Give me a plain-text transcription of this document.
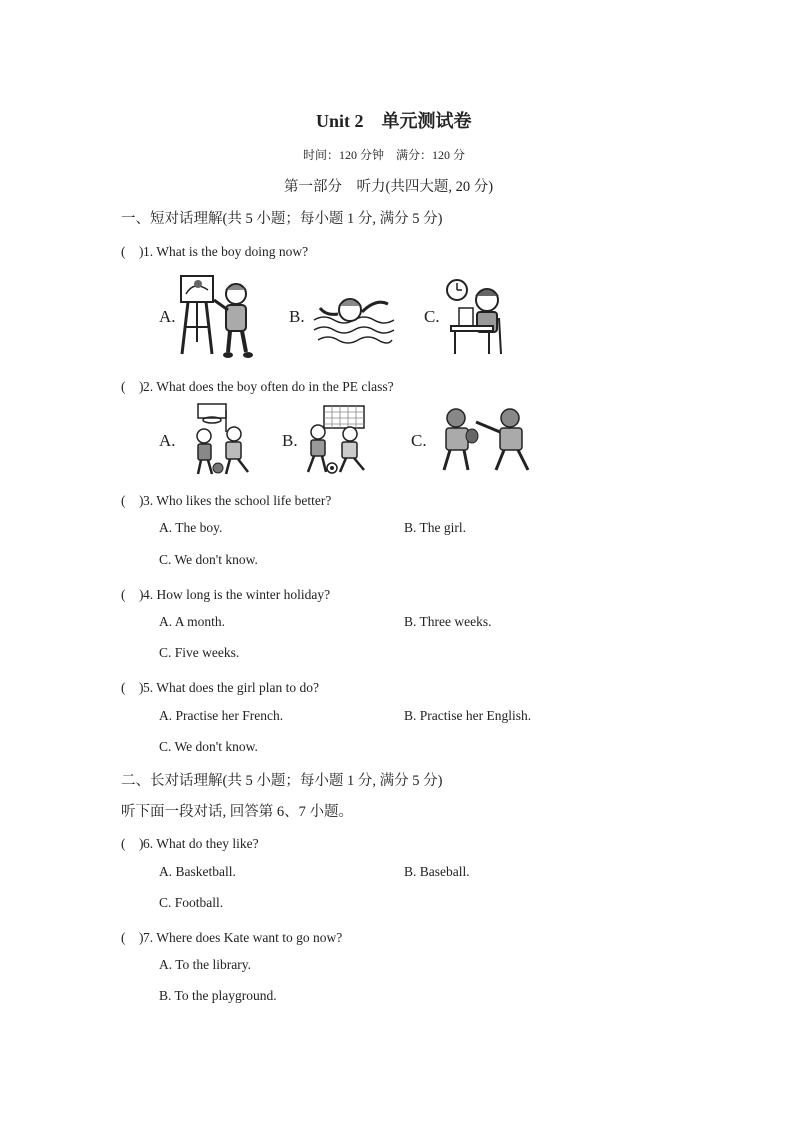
Unit 2　单元测试卷
时间：120 分钟　满分：120 分
第一部分　听力(共四大题, 20 分)
一、短对话理解(共 5 小题；每小题 1 分, 满分 5 分)
(　)1. What is the boy doing now?
A.	B.	C.
(　)2. What does the boy often do in the PE class?
A.	B.	C.
(　)3. Who likes the school life better?
A. The boy.	B. The girl.
C. We don't know.
(　)4. How long is the winter holiday?
A. A month.	B. Three weeks.
C. Five weeks.
(　)5. What does the girl plan to do?
A. Practise her French.	B. Practise her English.
C. We don't know.
二、长对话理解(共 5 小题；每小题 1 分, 满分 5 分)
听下面一段对话, 回答第 6、7 小题。
(　)6. What do they like?
A. Basketball.	B. Baseball.
C. Football.
(　)7. Where does Kate want to go now?
A. To the library.
B. To the playground.
